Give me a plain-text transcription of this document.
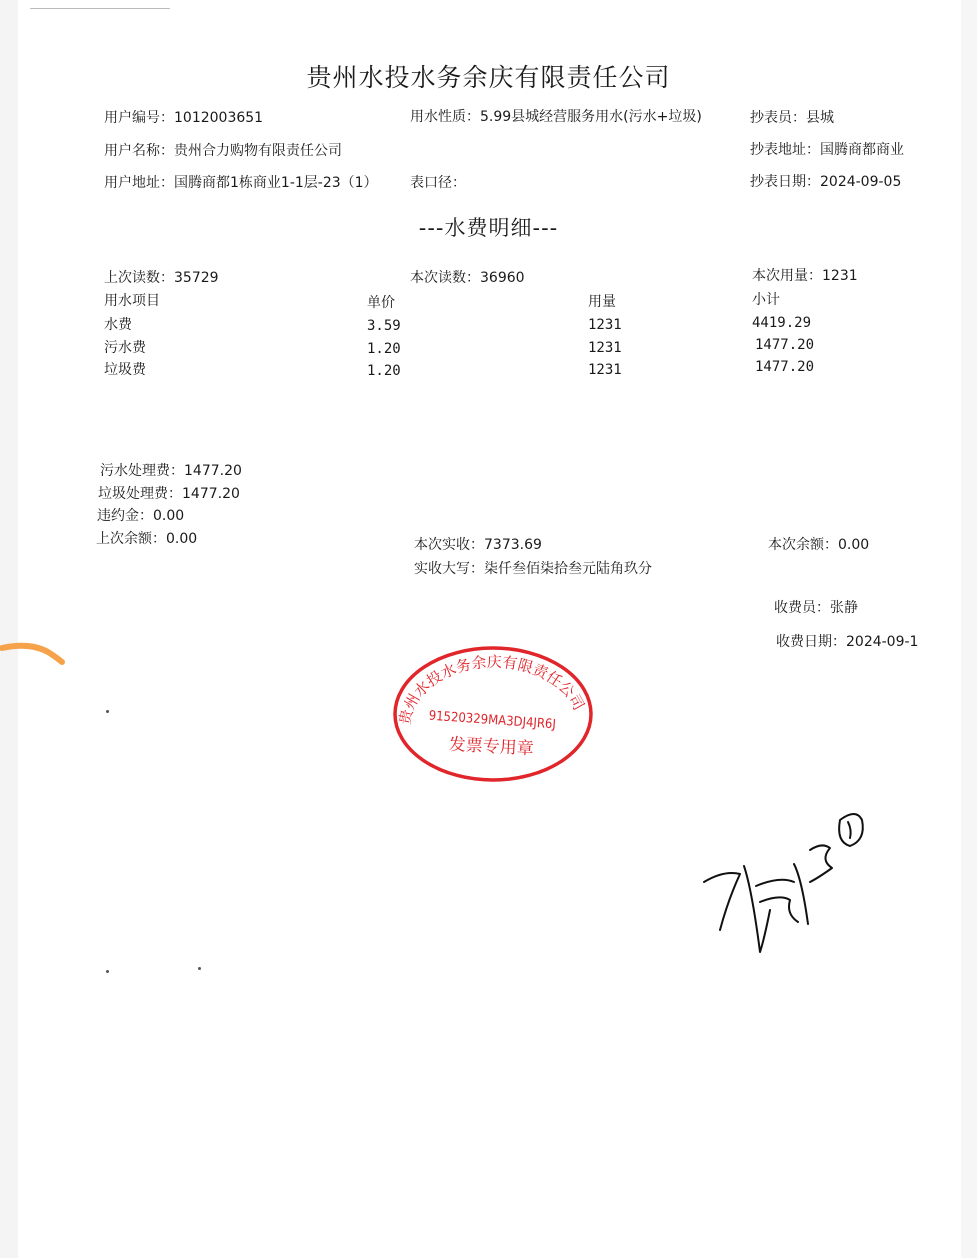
贵州水投水务余庆有限责任公司
用户编号：1012003651	用水性质：5.99县城经营服务用水(污水+垃圾)	抄表员：县城
用户名称：贵州合力购物有限责任公司	抄表地址：国腾商都商业
用户地址：国腾商都1栋商业1-1层-23（1）	表口径：	抄表日期：2024-09-05
---水费明细---
上次读数：35729	本次读数：36960	本次用量：1231
用水项目	单价	用量	小计
水费	3.59	1231	4419.29
污水费	1.20	1231	1477.20
垃圾费	1.20	1231	1477.20
污水处理费：1477.20
垃圾处理费：1477.20
违约金：0.00
上次余额：0.00	本次实收：7373.69
实收大写：柒仟叁佰柒拾叁元陆角玖分
本次余额：0.00
收费员：张静
收费日期：2024-09-1
贵州水投水务余庆有限责任公司
91520329MA3DJ4JR6J
发票专用章
